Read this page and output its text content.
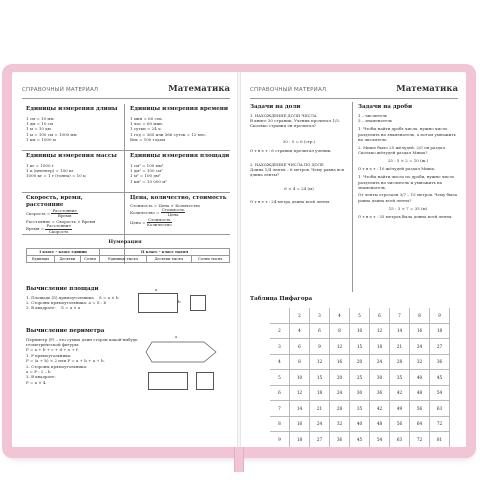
СПРАВОЧНЫЙ МАТЕРИАЛ	Математика
Единицы измерения длины
1 см = 10 мм
1 дм = 10 см
1 м = 10 дм
1 м = 100 см = 1000 мм
1 км = 1000 м
Единицы измерения времени
1 мин = 60 сек.
1 час = 60 мин.
1 сутки = 24 ч.
1 год = 365 или 366 суток = 12 мес.
Век = 100 годам
Единицы измерения массы
1 кг = 1000 г
1 ц (центнер) = 100 кг
1000 кг = 1 т (тонна) = 10 ц
Единицы измерения площади
1 см² = 100 мм²
1 дм² = 100 см²
1 м² = 100 дм²
1 км² = 10 000 м²
Скорость, время, расстояние
Скорость = $\frac{\text{Расстояние}}{\text{Время}}$
Расстояние = Скорость × Время
Время = $\frac{\text{Расстояние}}{\text{Скорость}}$
Цена, количество, стоимость
Стоимость = Цена × Количество
Количество = $\frac{\text{Стоимость}}{\text{Цена}}$
Цена = $\frac{\text{Стоимость}}{\text{Количество}}$
Нумерация
I класс – класс единиц			II класс – класс тысяч		
Единицы	Десятки	Сотни	Единицы тысяч	Десятки тысяч	Сотни тысяч
Вычисление площади
1. Площадь (S) прямоугольника S = a × b
2. Стороны прямоугольника: a = S : b
3. В квадрате: S = a × a
a
b
Вычисление периметра
Периметр (P) – это сумма длин сторон какой-нибудь геометрической фигуры:
P = a + b + c + d + e + f.
1. Р прямоугольника:
P = (a + b) × 2 или Р = a + b + a + b.
2. Стороны прямоугольника:
a = P : 2 – b
3. В квадрате:
P = a × 4.
a
СПРАВОЧНЫЙ МАТЕРИАЛ	Математика
Задачи на доли
1. НАХОЖДЕНИЕ ДОЛИ ЧИСЛА
В книге 30 страниц. Ученик прочитал 1/5. Сколько страниц он прочитал?
30 : 5 = 6 (стр.)
О т в е т : 6 страниц прочитал ученик.
2. НАХОЖДЕНИЕ ЧИСЛА ПО ДОЛЕ
Длина 1/4 ленты – 6 метров. Чему равна вся длина ленты?
6 × 4 = 24 (м)
О т в е т : 24 метра длина всей ленты.
Задачи на дроби
1 – числитель
5 – знаменатель
1. Чтобы найти дробь числа, нужно число разделить на знаменатель, а потом умножить на числитель.
2. Мише было 25 жёлудей. 2/5 он раздал. Сколько жёлудей раздал Миша?
25 : 5 × 2 = 10 (ж.)
О т в е т : 10 жёлудей раздал Миша.
1. Чтобы найти число по дроби, нужно число разделить на числитель и умножить на знаменатель.
От ленты отрезали 3/7 – 15 метров. Чему была равна длина всей ленты?
15 : 3 × 7 = 35 (м)
О т в е т : 35 метров была длина всей ленты.
Таблица Пифагора
	2	3	4	5	6	7	8	9
2	4	6	8	10	12	14	16	18
3	6	9	12	15	18	21	24	27
4	8	12	16	20	24	28	32	36
5	10	15	20	25	30	35	40	45
6	12	18	24	30	36	42	48	54
7	14	21	28	35	42	49	56	63
8	16	24	32	40	48	56	64	72
9	18	27	36	45	54	63	72	81
